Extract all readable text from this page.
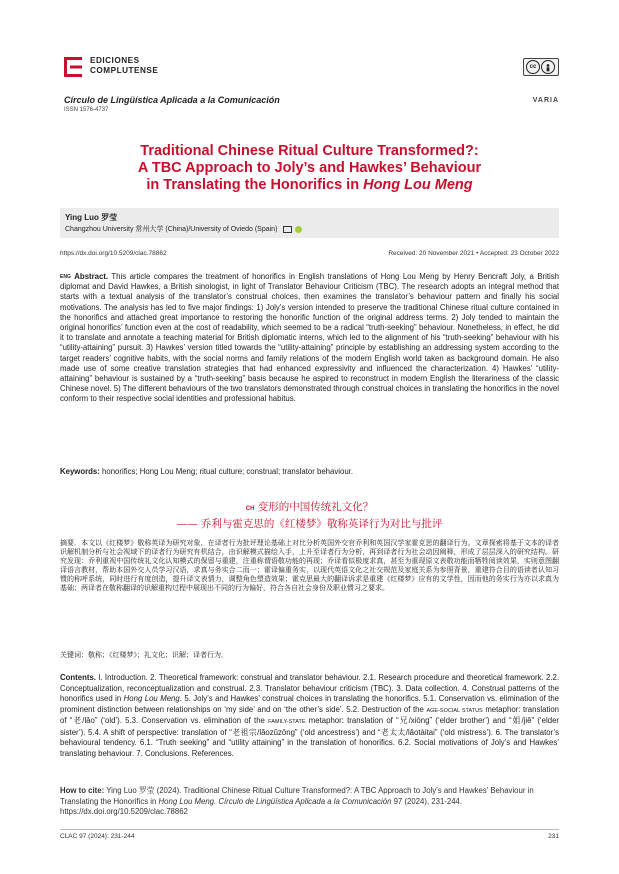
EDICIONES
COMPLUTENSE	cc
Círculo de Lingüística Aplicada a la Comunicación
ISSN 1576-4737
VARIA
Traditional Chinese Ritual Culture Transformed?:
A TBC Approach to Joly’s and Hawkes’ Behaviour
in Translating the Honorifics in Hong Lou Meng
Ying Luo 罗莹
Changzhou University 常州大学 (China)/University of Oviedo (Spain)
https://dx.doi.org/10.5209/clac.78862	Received: 20 November 2021 • Accepted: 23 October 2022
$^{ENG}$ Abstract. This article compares the treatment of honorifics in English translations of Hong Lou Meng by Henry Bencraft Joly, a British diplomat and David Hawkes, a British sinologist, in light of Translator Behaviour Criticism (TBC). The research adopts an integral method that starts with a textual analysis of the translator’s construal choices, then examines the translator’s behaviour pattern and finally his social motivations. The analysis has led to five major findings: 1) Joly’s version intended to preserve the traditional Chinese ritual culture contained in the honorifics and attached great importance to restoring the honorific function of the original address terms. 2) Joly tended to maintain the original honorifics’ function even at the cost of readability, which seemed to be a radical “truth-seeking” behaviour. Nonetheless, in effect, he did it to translate and annotate a teaching material for British diplomatic interns, which led to the alignment of his “truth-seeking” behaviour with his “utility-attaining” pursuit. 3) Hawkes’ version titled towards the “utility-attaining” principle by establishing an addressing system according to the target readers’ cognitive habits, with the social norms and family relations of the modern English world taken as background domain. He also made use of some creative translation strategies that had enhanced expressivity and influenced the characterization. 4) Hawkes’ “utility-attaining” behaviour is sustained by a “truth-seeking” basis because he aspired to reconstruct in modern English the literariness of the classic Chinese novel. 5) The different behaviours of the two translators demonstrated through construal choices in translating the honorifics in the novel conform to their respective social identities and professional habitus.
Keywords: honorifics; Hong Lou Meng; ritual culture; construal; translator behaviour.
CH 变形的中国传统礼文化？
—— 乔利与霍克思的《红楼梦》敬称英译行为对比与批评
摘要．本文以《红楼梦》敬称英译为研究对象，在译者行为批评理论基础上对比分析英国外交官乔利和英国汉学家霍克思的翻译行为。文章探索将基于文本的译者识解机制分析与社会视域下的译者行为研究有机结合，由识解模式描绘入手，上升至译者行为分析，再到译者行为社会动因阐释，形成了层层深入的研究结构。研究发现：乔利重视中国传统礼文化认知模式的保留与重建，注重称谓语敬功能的再现；乔译看似极度求真，甚至为重现原文表敬功能而牺牲阅读效果，实则意图翻译语言教材，帮助本国外交人员学习汉语，求真与务实合二而一；霍译偏重务实，以现代英语文化之社交规范及家庭关系为参照背景，重建符合目的语读者认知习惯的称呼系统，同时进行有度创造，提升译文表情力，调整角色塑造效果；霍克思最大的翻译诉求是重建《红楼梦》应有的文学性，因而他的务实行为亦以求真为基础；两译者在敬称翻译的识解重构过程中展现出不同的行为偏好，符合各自社会身份及职业惯习之要求。
关键词：敬称；《红楼梦》；礼文化；识解；译者行为．
Contents. I. Introduction. 2. Theoretical framework: construal and translator behaviour. 2.1. Research procedure and theoretical framework. 2.2. Conceptualization, reconceptualization and construal. 2.3. Translator behaviour criticism (TBC). 3. Data collection. 4. Construal patterns of the honorifics used in Hong Lou Meng. 5. Joly’s and Hawkes’ construal choices in translating the honorifics. 5.1. Conservation vs. elimination of the prominent distinction between relationships on ‘my side’ and on ‘the other’s side’. 5.2. Destruction of the AGE-SOCIAL STATUS metaphor: translation of “老/lǎo” (‘old’). 5.3. Conservation vs. elimination of the FAMILY-STATE metaphor: translation of “兄/xiōng” (‘elder brother’) and “姐/jiě” (‘elder sister’). 5.4. A shift of perspective: translation of “老祖宗/lǎozǔzōng” (‘old ancestress’) and “老太太/lǎotàitai” (‘old mistress’). 6. The translator’s behavioural tendency. 6.1. “Truth seeking” and “utility attaining” in the translation of honorifics. 6.2. Social motivations of Joly’s and Hawkes’ translating behaviour. 7. Conclusions. References.
How to cite: Ying Luo 罗莹 (2024). Traditional Chinese Ritual Culture Transformed?: A TBC Approach to Joly’s and Hawkes’ Behaviour in Translating the Honorifics in Hong Lou Meng. Círculo de Lingüística Aplicada a la Comunicación 97 (2024), 231-244. https://dx.doi.org/10.5209/clac.78862
CLAC 97 (2024): 231-244	231
